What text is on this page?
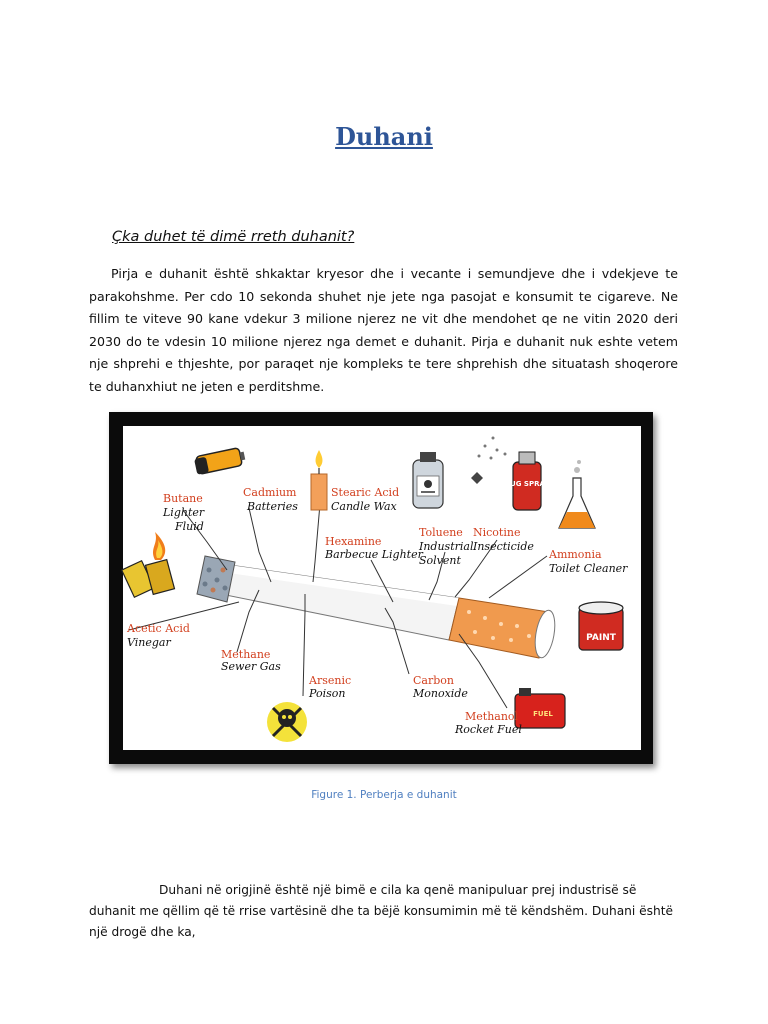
Duhani
Çka duhet të dimë rreth duhanit?
Pirja e duhanit është shkaktar kryesor dhe i vecante i semundjeve dhe i vdekjeve te parakohshme. Per cdo 10 sekonda shuhet nje jete nga pasojat e konsumit te cigareve. Ne fillim te viteve 90 kane vdekur 3 milione njerez ne vit dhe mendohet qe ne vitin 2020 deri 2030 do te vdesin 10 milione njerez nga demet e duhanit. Pirja e duhanit nuk eshte vetem nje shprehi e thjeshte, por paraqet nje kompleks te tere shprehish dhe situatash shoqerore te duhanxhiut ne jeten e perditshme.
BUG SPRAY
PAINT
FUEL
Butane
Lighter
Fluid
Cadmium
Batteries
Stearic Acid
Candle Wax
Hexamine
Barbecue Lighter
Toluene
Industrial
Solvent
Nicotine
Insecticide
Ammonia
Toilet Cleaner
Acetic Acid
Vinegar
Methane
Sewer Gas
Arsenic
Poison
Carbon
Monoxide
Methanol
Rocket Fuel
Figure 1. Perberja e duhanit
Duhani në origjinë është një bimë e cila ka qenë manipuluar prej industrisë së duhanit me qëllim që të rrise vartësinë dhe ta bëjë konsumimin më të këndshëm. Duhani është një drogë dhe ka,
